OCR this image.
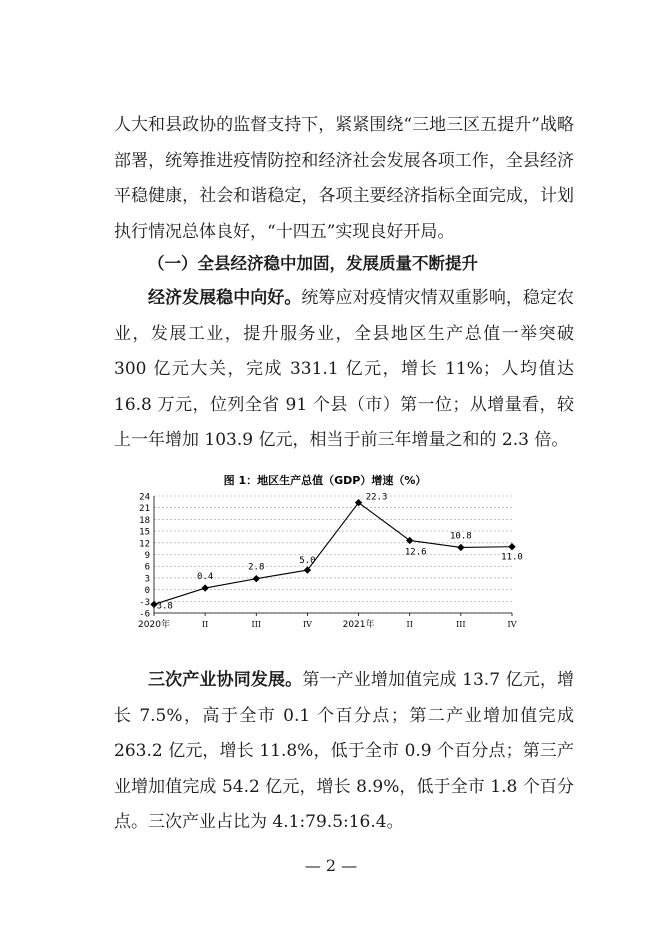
人大和县政协的监督支持下，紧紧围绕“三地三区五提升”战略部署，统筹推进疫情防控和经济社会发展各项工作，全县经济平稳健康，社会和谐稳定，各项主要经济指标全面完成，计划执行情况总体良好，“十四五”实现良好开局。

（一）全县经济稳中加固，发展质量不断提升

经济发展稳中向好。统筹应对疫情灾情双重影响，稳定农业，发展工业，提升服务业，全县地区生产总值一举突破 300 亿元大关，完成 331.1 亿元，增长 11%；人均值达 16.8 万元，位列全省 91 个县（市）第一位；从增量看，较上一年增加 103.9 亿元，相当于前三年增量之和的 2.3 倍。

图 1：地区生产总值（GDP）增速（%）
24
21
18
15
12
9
6
3
0
-3
-6
2020年	II	III	IV	2021年	II	III	IV
-3.8
0.4
2.8
5.0
22.3
12.6
10.8
11.0

三次产业协同发展。第一产业增加值完成 13.7 亿元，增长 7.5%，高于全市 0.1 个百分点；第二产业增加值完成 263.2 亿元，增长 11.8%，低于全市 0.9 个百分点；第三产业增加值完成 54.2 亿元，增长 8.9%，低于全市 1.8 个百分点。三次产业占比为 4.1:79.5:16.4。

— 2 —
